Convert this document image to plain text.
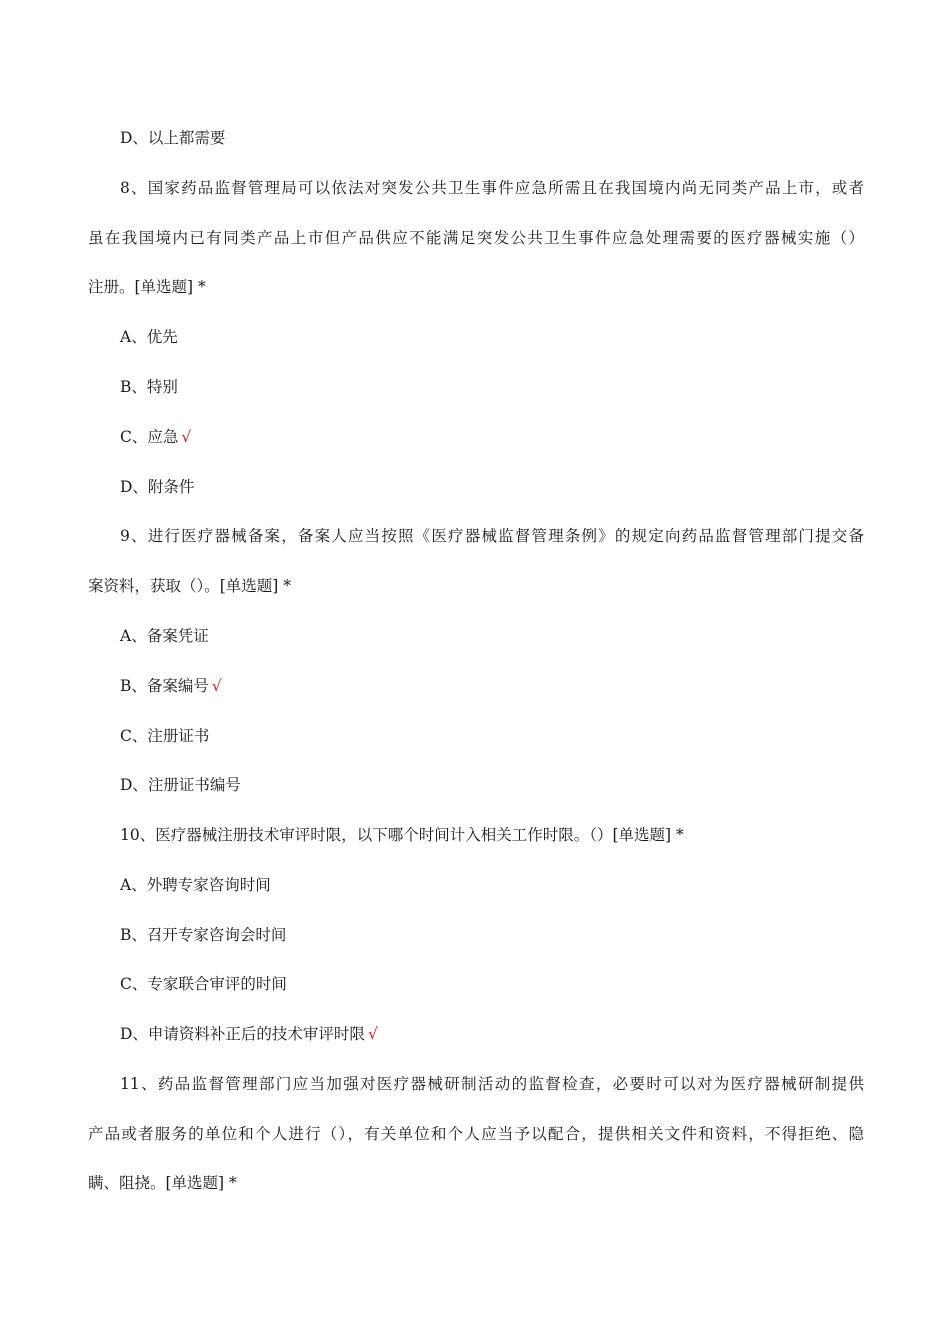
D、以上都需要
8、国家药品监督管理局可以依法对突发公共卫生事件应急所需且在我国境内尚无同类产品上市，或者
虽在我国境内已有同类产品上市但产品供应不能满足突发公共卫生事件应急处理需要的医疗器械实施（）
注册。[单选题] *
A、优先
B、特别
C、应急 √
D、附条件
9、进行医疗器械备案，备案人应当按照《医疗器械监督管理条例》的规定向药品监督管理部门提交备
案资料，获取（）。[单选题] *
A、备案凭证
B、备案编号 √
C、注册证书
D、注册证书编号
10、医疗器械注册技术审评时限，以下哪个时间计入相关工作时限。（）[单选题] *
A、外聘专家咨询时间
B、召开专家咨询会时间
C、专家联合审评的时间
D、申请资料补正后的技术审评时限 √
11、药品监督管理部门应当加强对医疗器械研制活动的监督检查，必要时可以对为医疗器械研制提供
产品或者服务的单位和个人进行（），有关单位和个人应当予以配合，提供相关文件和资料，不得拒绝、隐
瞒、阻挠。[单选题] *
